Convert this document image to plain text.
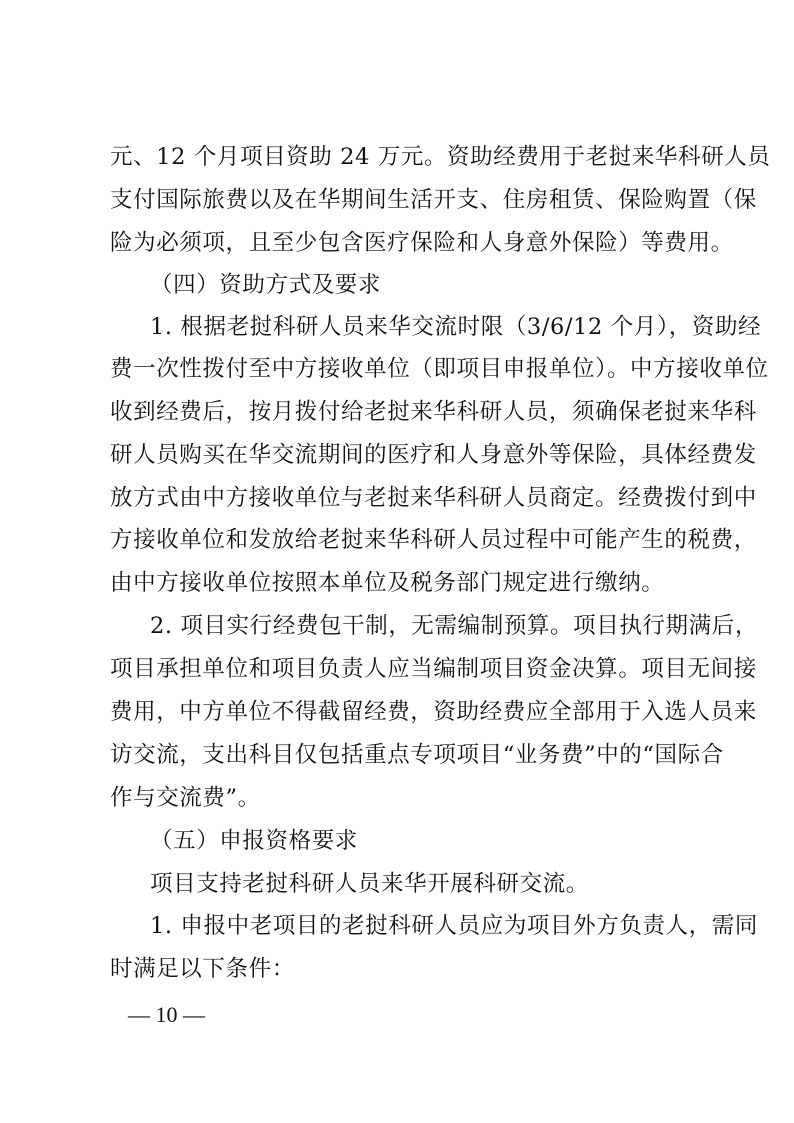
元、12 个月项目资助 24 万元。资助经费用于老挝来华科研人员
支付国际旅费以及在华期间生活开支、住房租赁、保险购置（保
险为必须项，且至少包含医疗保险和人身意外保险）等费用。
（四）资助方式及要求
1. 根据老挝科研人员来华交流时限（3/6/12 个月），资助经
费一次性拨付至中方接收单位（即项目申报单位）。中方接收单位
收到经费后，按月拨付给老挝来华科研人员，须确保老挝来华科
研人员购买在华交流期间的医疗和人身意外等保险，具体经费发
放方式由中方接收单位与老挝来华科研人员商定。经费拨付到中
方接收单位和发放给老挝来华科研人员过程中可能产生的税费，
由中方接收单位按照本单位及税务部门规定进行缴纳。
2. 项目实行经费包干制，无需编制预算。项目执行期满后，
项目承担单位和项目负责人应当编制项目资金决算。项目无间接
费用，中方单位不得截留经费，资助经费应全部用于入选人员来
访交流，支出科目仅包括重点专项项目“业务费”中的“国际合
作与交流费”。
（五）申报资格要求
项目支持老挝科研人员来华开展科研交流。
1. 申报中老项目的老挝科研人员应为项目外方负责人，需同
时满足以下条件：
— 10 —
